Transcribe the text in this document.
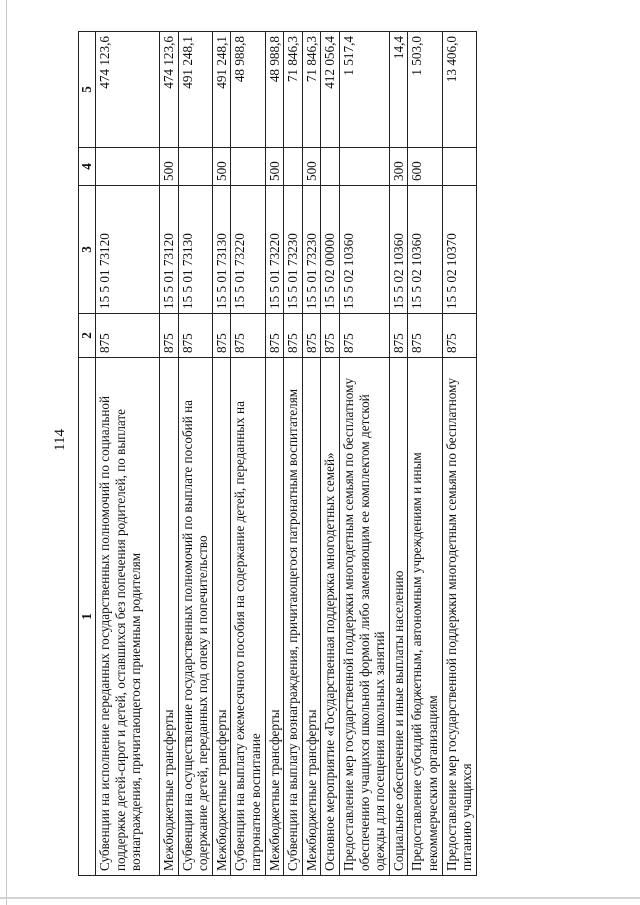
114
1	2	3	4	5
Субвенции на исполнение переданных государственных полномочий по социальной поддержке детей-сирот и детей, оставшихся без попечения родителей, по выплате вознаграждения, причитающегося приемным родителям	875	15 5 01 73120		474 123,6
Межбюджетные трансферты	875	15 5 01 73120	500	474 123,6
Субвенции на осуществление государственных полномочий по выплате пособий на содержание детей, переданных под опеку и попечительство	875	15 5 01 73130		491 248,1
Межбюджетные трансферты	875	15 5 01 73130	500	491 248,1
Субвенции на выплату ежемесячного пособия на содержание детей, переданных на патронатное воспитание	875	15 5 01 73220		48 988,8
Межбюджетные трансферты	875	15 5 01 73220	500	48 988,8
Субвенции на выплату вознаграждения, причитающегося патронатным воспитателям	875	15 5 01 73230		71 846,3
Межбюджетные трансферты	875	15 5 01 73230	500	71 846,3
Основное мероприятие «Государственная поддержка многодетных семей»	875	15 5 02 00000		412 056,4
Предоставление мер государственной поддержки многодетным семьям по бесплатному обеспечению учащихся школьной формой либо заменяющим ее комплектом детской одежды для посещения школьных занятий	875	15 5 02 10360		1 517,4
Социальное обеспечение и иные выплаты населению	875	15 5 02 10360	300	14,4
Предоставление субсидий бюджетным, автономным учреждениям и иным некоммерческим организациям	875	15 5 02 10360	600	1 503,0
Предоставление мер государственной поддержки многодетным семьям по бесплатному питанию учащихся	875	15 5 02 10370		13 406,0
